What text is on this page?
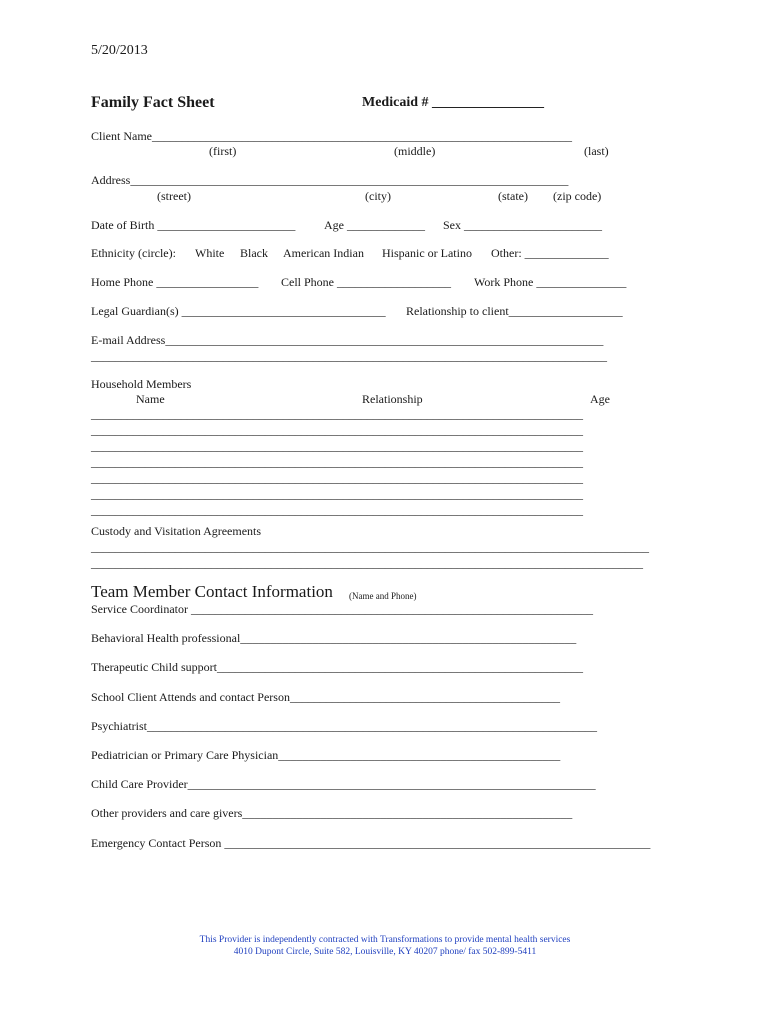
5/20/2013
Family Fact Sheet	Medicaid # ________________
Client Name______________________________________________________________________
(first)	(middle)	(last)
Address_________________________________________________________________________
(street)	(city)	(state) (zip code)
Date of Birth _______________________ Age _____________ Sex _______________________
Ethnicity (circle): White Black American Indian Hispanic or Latino Other: ______________
Home Phone _________________ Cell Phone ___________________ Work Phone _______________
Legal Guardian(s) __________________________________ Relationship to client___________________
E-mail Address_________________________________________________________________________
______________________________________________________________________________________
Household Members
Name	Relationship	Age
__________________________________________________________________________________
__________________________________________________________________________________
__________________________________________________________________________________
__________________________________________________________________________________
__________________________________________________________________________________
__________________________________________________________________________________
__________________________________________________________________________________
Custody and Visitation Agreements
_____________________________________________________________________________________________
____________________________________________________________________________________________
Team Member Contact Information (Name and Phone)
Service Coordinator ___________________________________________________________________
Behavioral Health professional________________________________________________________
Therapeutic Child support_____________________________________________________________
School Client Attends and contact Person_____________________________________________
Psychiatrist___________________________________________________________________________
Pediatrician or Primary Care Physician_______________________________________________
Child Care Provider____________________________________________________________________
Other providers and care givers_______________________________________________________
Emergency Contact Person _______________________________________________________________________
This Provider is independently contracted with Transformations to provide mental health services
4010 Dupont Circle, Suite 582, Louisville, KY 40207 phone/ fax 502-899-5411
